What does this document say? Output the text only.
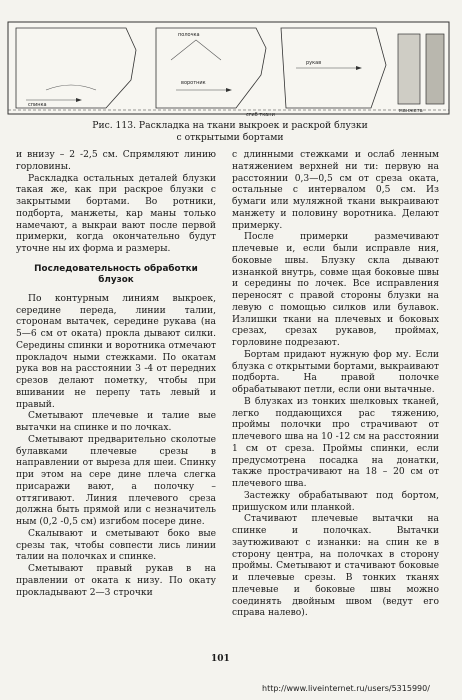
спинка
полочка
воротник
рукав
манжета
сгиб ткани
Рис. 113. Раскладка на ткани выкроек и раскрой блузки
с открытыми бортами

и внизу – 2 -2,5 см. Спрямляют линию горловины.

Раскладка остальных деталей блузки такая же, как при раскрое блузки с закрытыми бортами. Во ротники, подборта, манжеты, кар маны только намечают, а выкраи вают после первой примерки, когда окончательно будут уточне ны их форма и размеры.

Последовательность обработки блузок

По контурным линиям выкроек, середине переда, линии талии, сторонам вытачек, середине рукава (на 5—6 см от оката) прокла дывают силки. Середины спинки и воротника отмечают прокладоч ными стежками. По окатам рука вов на расстоянии 3 -4 от передних срезов делают пометку, чтобы при вшивании не перепу тать левый и правый.

Сметывают плечевые и талие вые вытачки на спинке и по лочках.

Сметывают предварительно сколотые булавками плечевые срезы в направлении от выреза для шеи. Спинку при этом на сере дине плеча слегка присаражи вают, а полочку – оттягивают. Линия плечевого среза должна быть прямой или с незначитель ным (0,2 -0,5 см) изгибом посере дине.

Скалывают и сметывают боко вые срезы так, чтобы совпести лись линии талии на полочках и спинке.

Сметывают правый рукав в на правлении от оката к низу. По окату прокладывают 2—3 строчки

с длинными стежками и ослаб ленным натяжением верхней ни ти: первую на расстоянии 0,3—0,5 см от среза оката, остальные с интервалом 0,5 см. Из бумаги или муляжной ткани выкраивают манжету и половину воротника. Делают примерку.

После примерки размечивают плечевые и, если были исправле ния, боковые швы. Блузку скла дывают изнанкой внутрь, совме щая боковые швы и середины по лочек. Все исправления переносят с правой стороны блузки на левую с помощью силков или булавок. Излишки ткани на плечевых и боковых срезах, срезах рукавов, проймах, горловине подрезают.

Бортам придают нужную фор му. Если блузка с открытыми бортами, выкраивают подборта. На правой полочке обрабатывают петли, если они вытачные.

В блузках из тонких шелковых тканей, легко поддающихся рас тяжению, проймы полочки про страчивают от плечевого шва на 10 -12 см на расстоянии 1 см от среза. Проймы спинки, если предусмотрена посадка на донатки, также прострачивают на 18 – 20 см от плечевого шва.

Застежку обрабатывают под бортом, пришуском или планкой.

Стачивают плечевые вытачки на спинке и полочках. Вытачки заутюживают с изнанки: на спин ке в сторону центра, на полочках в сторону проймы. Сметывают и стачивают боковые и плечевые срезы. В тонких тканях плечевые и боковые швы можно соединять двойным швом (ведут его справа налево).

101
http://www.liveinternet.ru/users/5315990/
